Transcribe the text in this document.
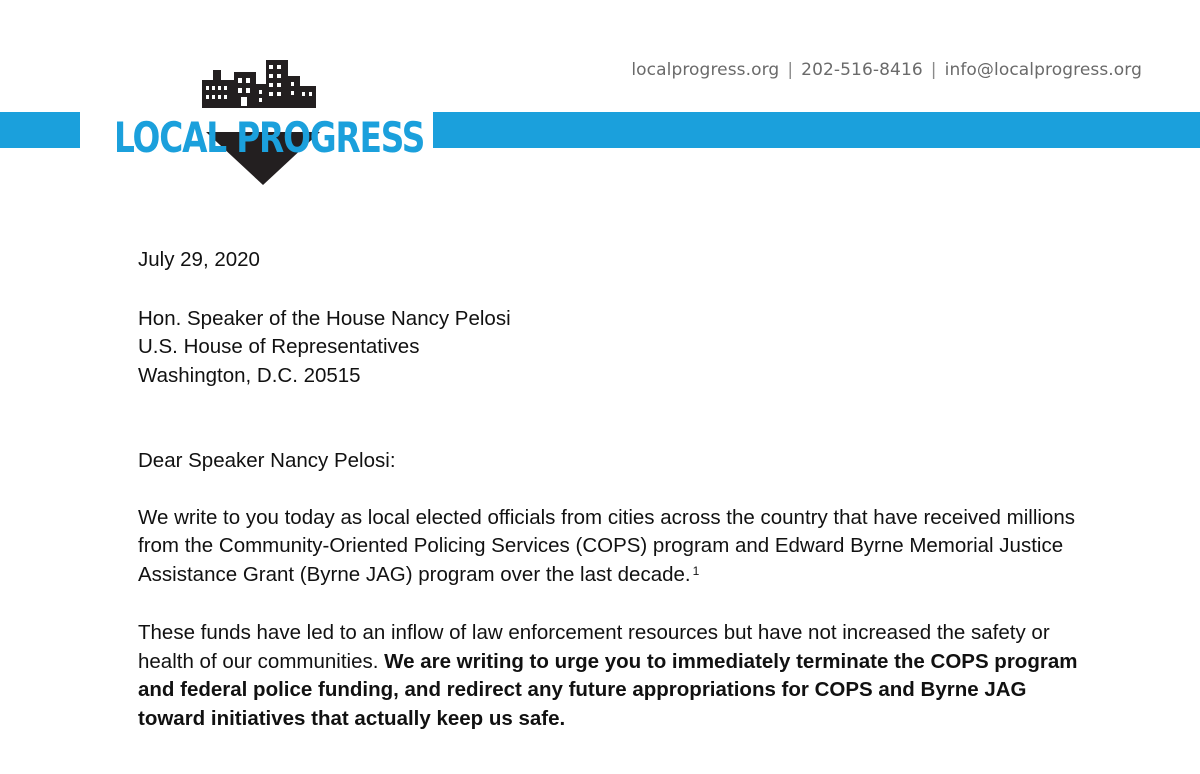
localprogress.org | 202-516-8416 | info@localprogress.org
LOCAL PROGRESS

July 29, 2020

Hon. Speaker of the House Nancy Pelosi

U.S. House of Representatives

Washington, D.C. 20515

Dear Speaker Nancy Pelosi:

We write to you today as local elected officials from cities across the country that have received millions from the Community-Oriented Policing Services (COPS) program and Edward Byrne Memorial Justice Assistance Grant (Byrne JAG) program over the last decade. $^1$

These funds have led to an inflow of law enforcement resources but have not increased the safety or health of our communities. We are writing to urge you to immediately terminate the COPS program and federal police funding, and redirect any future appropriations for COPS and Byrne JAG toward initiatives that actually keep us safe.
